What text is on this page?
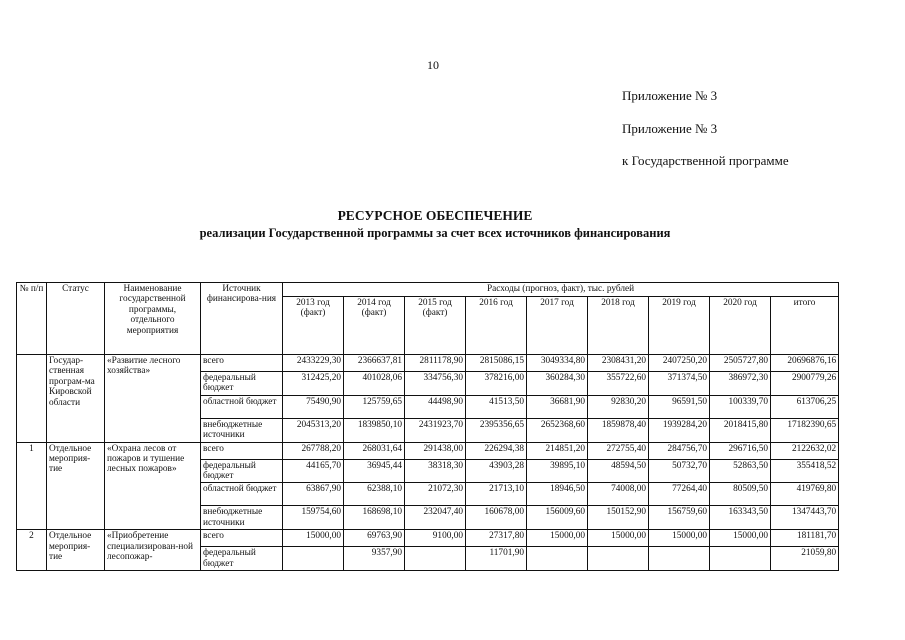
10
Приложение № 3
Приложение № 3
к Государственной программе
РЕСУРСНОЕ ОБЕСПЕЧЕНИЕ
реализации Государственной программы за счет всех источников финансирования
№ п/п	Статус	Наименование государственной программы, отдельного мероприятия	Источник финансирова-ния	Расходы (прогноз, факт), тыс. рублей								
				2013 год (факт)	2014 год (факт)	2015 год (факт)	2016 год	2017 год	2018 год	2019 год	2020 год	итого
	Государ-ственная програм-ма Кировской области	«Развитие лесного хозяйства»	всего	2433229,30	2366637,81	2811178,90	2815086,15	3049334,80	2308431,20	2407250,20	2505727,80	20696876,16
			федеральный бюджет	312425,20	401028,06	334756,30	378216,00	360284,30	355722,60	371374,50	386972,30	2900779,26
			областной бюджет	75490,90	125759,65	44498,90	41513,50	36681,90	92830,20	96591,50	100339,70	613706,25
			внебюджетные источники	2045313,20	1839850,10	2431923,70	2395356,65	2652368,60	1859878,40	1939284,20	2018415,80	17182390,65
1	Отдельное мероприя-тие	«Охрана лесов от пожаров и тушение лесных пожаров»	всего	267788,20	268031,64	291438,00	226294,38	214851,20	272755,40	284756,70	296716,50	2122632,02
			федеральный бюджет	44165,70	36945,44	38318,30	43903,28	39895,10	48594,50	50732,70	52863,50	355418,52
			областной бюджет	63867,90	62388,10	21072,30	21713,10	18946,50	74008,00	77264,40	80509,50	419769,80
			внебюджетные источники	159754,60	168698,10	232047,40	160678,00	156009,60	150152,90	156759,60	163343,50	1347443,70
2	Отдельное мероприя-тие	«Приобретение специализирован-ной лесопожар-	всего	15000,00	69763,90	9100,00	27317,80	15000,00	15000,00	15000,00	15000,00	181181,70
			федеральный бюджет		9357,90		11701,90					21059,80
